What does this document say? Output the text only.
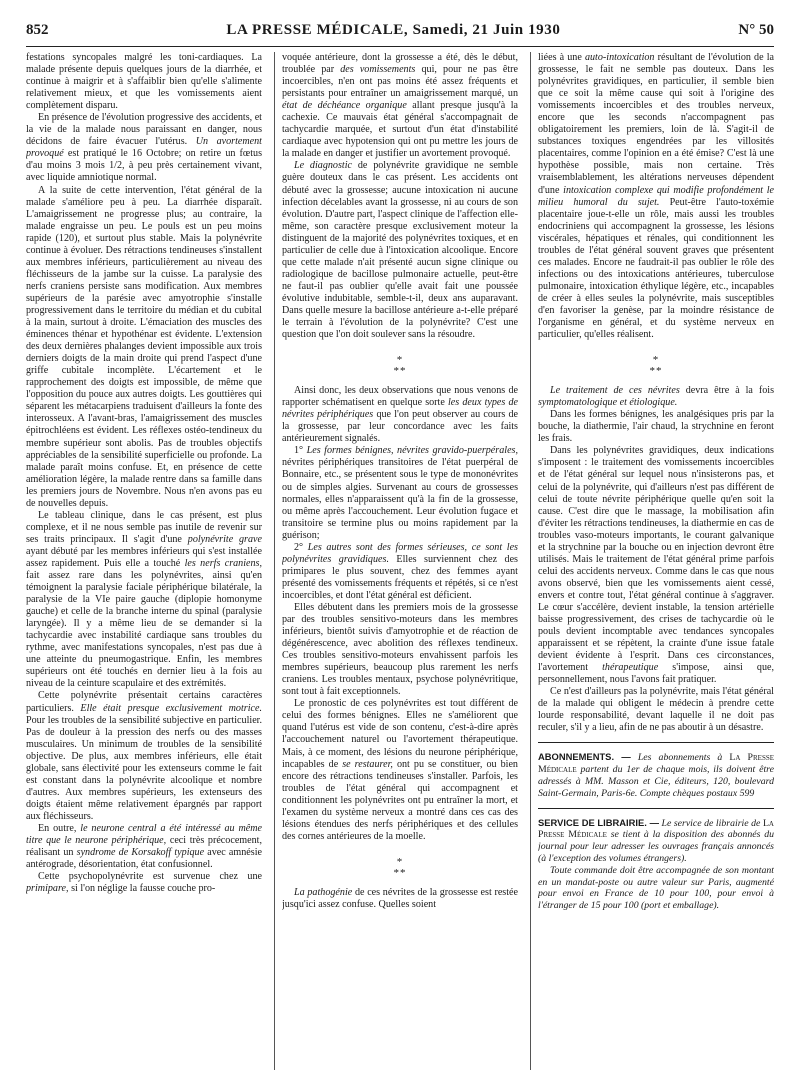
852	LA PRESSE MÉDICALE, Samedi, 21 Juin 1930	N° 50

festations syncopales malgré les toni-cardiaques. La malade présente depuis quelques jours de la diarrhée, et continue à maigrir et à s'affaiblir bien qu'elle s'alimente relativement mieux, et que les vomissements aient complètement disparu.

En présence de l'évolution progressive des accidents, et la vie de la malade nous paraissant en danger, nous décidons de faire évacuer l'utérus. Un avortement provoqué est pratiqué le 16 Octobre; on retire un fœtus d'au moins 3 mois 1/2, à peu près certainement vivant, avec liquide amniotique normal.

A la suite de cette intervention, l'état général de la malade s'améliore peu à peu. La diarrhée disparaît. L'amaigrissement ne progresse plus; au contraire, la malade engraisse un peu. Le pouls est un peu moins rapide (120), et surtout plus stable. Mais la polynévrite continue à évoluer. Des rétractions tendineuses s'installent aux membres inférieurs, particulièrement au niveau des fléchisseurs de la jambe sur la cuisse. La paralysie des nerfs craniens persiste sans modification. Aux membres supérieurs de la parésie avec amyotrophie s'installe progressivement dans le territoire du médian et du cubital à la main, surtout à droite. L'émaciation des muscles des éminences thénar et hypothénar est évidente. L'extension des deux dernières phalanges devient impossible aux trois derniers doigts de la main droite qui prend l'aspect d'une griffe cubitale incomplète. L'écartement et le rapprochement des doigts est impossible, de même que l'opposition du pouce aux autres doigts. Les gouttières qui séparent les métacarpiens traduisent d'ailleurs la fonte des interosseux. A l'avant-bras, l'amaigrissement des muscles épitrochléens est évident. Les réflexes ostéo-tendineux du membre supérieur sont abolis. Pas de troubles objectifs appréciables de la sensibilité superficielle ou profonde. La malade paraît moins confuse. Et, en présence de cette amélioration légère, la malade rentre dans sa famille dans les premiers jours de Novembre. Nous n'en avons pas eu de nouvelles depuis.

Le tableau clinique, dans le cas présent, est plus complexe, et il ne nous semble pas inutile de revenir sur ses traits principaux. Il s'agit d'une polynévrite grave ayant débuté par les membres inférieurs qui s'est installée assez rapidement. Puis elle a touché les nerfs craniens, fait assez rare dans les polynévrites, ainsi qu'en témoignent la paralysie faciale périphérique bilatérale, la paralysie de la VIe paire gauche (diplopie homonyme gauche) et celle de la branche interne du spinal (paralysie laryngée). Il y a même lieu de se demander si la tachycardie avec instabilité cardiaque sans troubles du rythme, avec manifestations syncopales, n'est pas due à une atteinte du pneumogastrique. Enfin, les membres supérieurs ont été touchés en dernier lieu à la fois au niveau de la ceinture scapulaire et des extrémités.

Cette polynévrite présentait certains caractères particuliers. Elle était presque exclusivement motrice. Pour les troubles de la sensibilité subjective en particulier. Pas de douleur à la pression des nerfs ou des masses musculaires. Un minimum de troubles de la sensibilité objective. De plus, aux membres inférieurs, elle était globale, sans électivité pour les extenseurs comme le fait est constant dans la polynévrite alcoolique et nombre d'autres. Aux membres supérieurs, les extenseurs des doigts étaient même relativement épargnés par rapport aux fléchisseurs.

En outre, le neurone central a été intéressé au même titre que le neurone périphérique, ceci très précocement, réalisant un syndrome de Korsakoff typique avec amnésie antérograde, désorientation, état confusionnel.

Cette psychopolynévrite est survenue chez une primipare, si l'on néglige la fausse couche pro-

voquée antérieure, dont la grossesse a été, dès le début, troublée par des vomissements qui, pour ne pas être incoercibles, n'en ont pas moins été assez fréquents et persistants pour entraîner un amaigrissement marqué, un état de déchéance organique allant presque jusqu'à la cachexie. Ce mauvais état général s'accompagnait de tachycardie marquée, et surtout d'un état d'instabilité cardiaque avec hypotension qui ont pu mettre les jours de la malade en danger et justifier un avortement provoqué.

Le diagnostic de polynévrite gravidique ne semble guère douteux dans le cas présent. Les accidents ont débuté avec la grossesse; aucune intoxication ni aucune infection décelables avant la grossesse, ni au cours de son évolution. D'autre part, l'aspect clinique de l'affection elle-même, son caractère presque exclusivement moteur la distinguent de la majorité des polynévrites toxiques, et en particulier de celle due à l'intoxication alcoolique. Encore que cette malade n'ait présenté aucun signe clinique ou radiologique de bacillose pulmonaire actuelle, peut-être ne faut-il pas oublier qu'elle avait fait une poussée évolutive indubitable, semble-t-il, deux ans auparavant. Dans quelle mesure la bacillose antérieure a-t-elle préparé le terrain à l'évolution de la polynévrite? C'est une question que l'on doit soulever sans la résoudre.

*
**

Ainsi donc, les deux observations que nous venons de rapporter schématisent en quelque sorte les deux types de névrites périphériques que l'on peut observer au cours de la grossesse, par leur concordance avec les faits antérieurement signalés.

1° Les formes bénignes, névrites gravido-puerpérales, névrites périphériques transitoires de l'état puerpéral de Bonnaire, etc., se présentent sous le type de mononévrites ou de simples algies. Survenant au cours de grossesses normales, elles n'apparaissent qu'à la fin de la grossesse, ou même après l'accouchement. Leur évolution fugace et transitoire se termine plus ou moins rapidement par la guérison;

2° Les autres sont des formes sérieuses, ce sont les polynévrites gravidiques. Elles surviennent chez des primipares le plus souvent, chez des femmes ayant présenté des vomissements fréquents et répétés, si ce n'est incoercibles, et dont l'état général est déficient.

Elles débutent dans les premiers mois de la grossesse par des troubles sensitivo-moteurs dans les membres inférieurs, bientôt suivis d'amyotrophie et de réaction de dégénérescence, avec abolition des réflexes tendineux. Ces troubles sensitivo-moteurs envahissent parfois les membres supérieurs, beaucoup plus rarement les nerfs craniens. Les troubles mentaux, psychose polynévritique, sont tout à fait exceptionnels.

Le pronostic de ces polynévrites est tout différent de celui des formes bénignes. Elles ne s'améliorent que quand l'utérus est vide de son contenu, c'est-à-dire après l'accouchement naturel ou l'avortement thérapeutique. Mais, à ce moment, des lésions du neurone périphérique, incapables de se restaurer, ont pu se constituer, ou bien encore des rétractions tendineuses s'installer. Parfois, les troubles de l'état général qui accompagnent et conditionnent les polynévrites ont pu entraîner la mort, et l'examen du système nerveux a montré dans ces cas des lésions étendues des nerfs périphériques et des cellules des cornes antérieures de la moelle.

*
**

La pathogénie de ces névrites de la grossesse est restée jusqu'ici assez confuse. Quelles soient

liées à une auto-intoxication résultant de l'évolution de la grossesse, le fait ne semble pas douteux. Dans les polynévrites gravidiques, en particulier, il semble bien que ce soit la même cause qui soit à l'origine des vomissements incoercibles et des troubles nerveux, encore que les seconds n'accompagnent pas obligatoirement les premiers, loin de là. S'agit-il de substances toxiques engendrées par les villosités placentaires, comme l'opinion en a été émise? C'est là une hypothèse possible, mais non certaine. Très vraisemblablement, les altérations nerveuses dépendent d'une intoxication complexe qui modifie profondément le milieu humoral du sujet. Peut-être l'auto-toxémie placentaire joue-t-elle un rôle, mais aussi les troubles endocriniens qui accompagnent la grossesse, les lésions viscérales, hépatiques et rénales, qui conditionnent les troubles de l'état général souvent graves que présentent ces malades. Encore ne faudrait-il pas oublier le rôle des infections ou des intoxications antérieures, tuberculose pulmonaire, intoxication éthylique légère, etc., incapables de créer à elles seules la polynévrite, mais susceptibles d'en favoriser la genèse, par la moindre résistance de l'organisme en général, et du système nerveux en particulier, qu'elles réalisent.

*
**

Le traitement de ces névrites devra être à la fois symptomatologique et étiologique.

Dans les formes bénignes, les analgésiques pris par la bouche, la diathermie, l'air chaud, la strychnine en feront les frais.

Dans les polynévrites gravidiques, deux indications s'imposent : le traitement des vomissements incoercibles et de l'état général sur lequel nous n'insisterons pas, et celui de la polynévrite, qui d'ailleurs n'est pas différent de celui de toute névrite périphérique quelle qu'en soit la cause. C'est dire que le massage, la mobilisation afin d'éviter les rétractions tendineuses, la diathermie en cas de troubles vaso-moteurs importants, le courant galvanique et la strychnine par la bouche ou en injection devront être utilisés. Mais le traitement de l'état général prime parfois celui des accidents nerveux. Comme dans le cas que nous avons observé, bien que les vomissements aient cessé, envers et contre tout, l'état général continue à s'aggraver. Le cœur s'accélère, devient instable, la tension artérielle baisse progressivement, des crises de tachycardie où le pouls devient incomptable avec tendances syncopales apparaissent et se répètent, la crainte d'une issue fatale devient évidente à l'esprit. Dans ces circonstances, l'avortement thérapeutique s'impose, ainsi que, personnellement, nous l'avons fait pratiquer.

Ce n'est d'ailleurs pas la polynévrite, mais l'état général de la malade qui obligent le médecin à prendre cette lourde responsabilité, devant laquelle il ne doit pas reculer, s'il y a lieu, afin de ne pas aboutir à un désastre.

ABONNEMENTS. — Les abonnements à La Presse Médicale partent du 1er de chaque mois, ils doivent être adressés à MM. Masson et Cie, éditeurs, 120, boulevard Saint-Germain, Paris-6e. Compte chèques postaux 599

SERVICE DE LIBRAIRIE. — Le service de librairie de La Presse Médicale se tient à la disposition des abonnés du journal pour leur adresser les ouvrages français annoncés (à l'exception des volumes étrangers).

Toute commande doit être accompagnée de son montant en un mandat-poste ou autre valeur sur Paris, augmenté pour envoi en France de 10 pour 100, pour envoi à l'étranger de 15 pour 100 (port et emballage).
